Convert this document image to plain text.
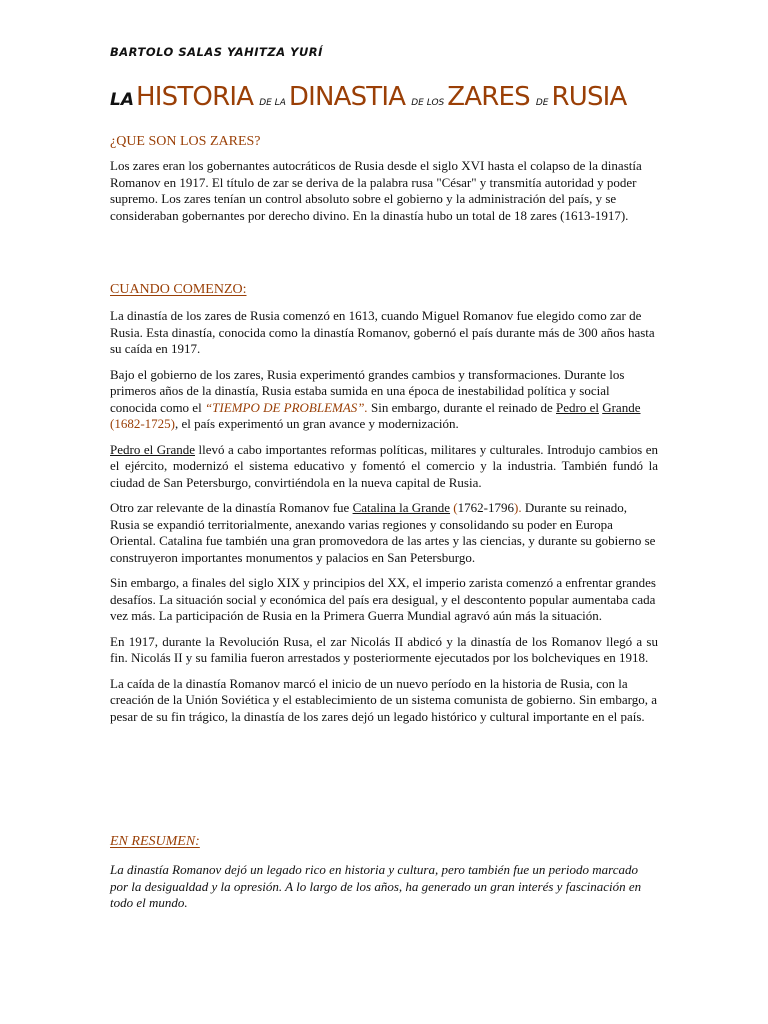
BARTOLO SALAS YAHITZA YURÍ
LAHISTORIA DE LA DINASTIA DE LOS ZARES DE RUSIA
¿QUE SON LOS ZARES?

Los zares eran los gobernantes autocráticos de Rusia desde el siglo XVI hasta el colapso de la dinastía Romanov en 1917. El título de zar se deriva de la palabra rusa "César" y transmitía autoridad y poder supremo. Los zares tenían un control absoluto sobre el gobierno y la administración del país, y se consideraban gobernantes por derecho divino. En la dinastía hubo un total de 18 zares (1613-1917).

CUANDO COMENZO:

La dinastía de los zares de Rusia comenzó en 1613, cuando Miguel Romanov fue elegido como zar de Rusia. Esta dinastía, conocida como la dinastía Romanov, gobernó el país durante más de 300 años hasta su caída en 1917.

Bajo el gobierno de los zares, Rusia experimentó grandes cambios y transformaciones. Durante los primeros años de la dinastía, Rusia estaba sumida en una época de inestabilidad política y social conocida como el “TIEMPO DE PROBLEMAS”. Sin embargo, durante el reinado de Pedro el Grande (1682-1725), el país experimentó un gran avance y modernización.

Pedro el Grande llevó a cabo importantes reformas políticas, militares y culturales. Introdujo cambios en el ejército, modernizó el sistema educativo y fomentó el comercio y la industria. También fundó la ciudad de San Petersburgo, convirtiéndola en la nueva capital de Rusia.

Otro zar relevante de la dinastía Romanov fue Catalina la Grande (1762-1796). Durante su reinado, Rusia se expandió territorialmente, anexando varias regiones y consolidando su poder en Europa Oriental. Catalina fue también una gran promovedora de las artes y las ciencias, y durante su gobierno se construyeron importantes monumentos y palacios en San Petersburgo.

Sin embargo, a finales del siglo XIX y principios del XX, el imperio zarista comenzó a enfrentar grandes desafíos. La situación social y económica del país era desigual, y el descontento popular aumentaba cada vez más. La participación de Rusia en la Primera Guerra Mundial agravó aún más la situación.

En 1917, durante la Revolución Rusa, el zar Nicolás II abdicó y la dinastía de los Romanov llegó a su fin. Nicolás II y su familia fueron arrestados y posteriormente ejecutados por los bolcheviques en 1918.

La caída de la dinastía Romanov marcó el inicio de un nuevo período en la historia de Rusia, con la creación de la Unión Soviética y el establecimiento de un sistema comunista de gobierno. Sin embargo, a pesar de su fin trágico, la dinastía de los zares dejó un legado histórico y cultural importante en el país.

EN RESUMEN:

La dinastía Romanov dejó un legado rico en historia y cultura, pero también fue un periodo marcado por la desigualdad y la opresión. A lo largo de los años, ha generado un gran interés y fascinación en todo el mundo.
